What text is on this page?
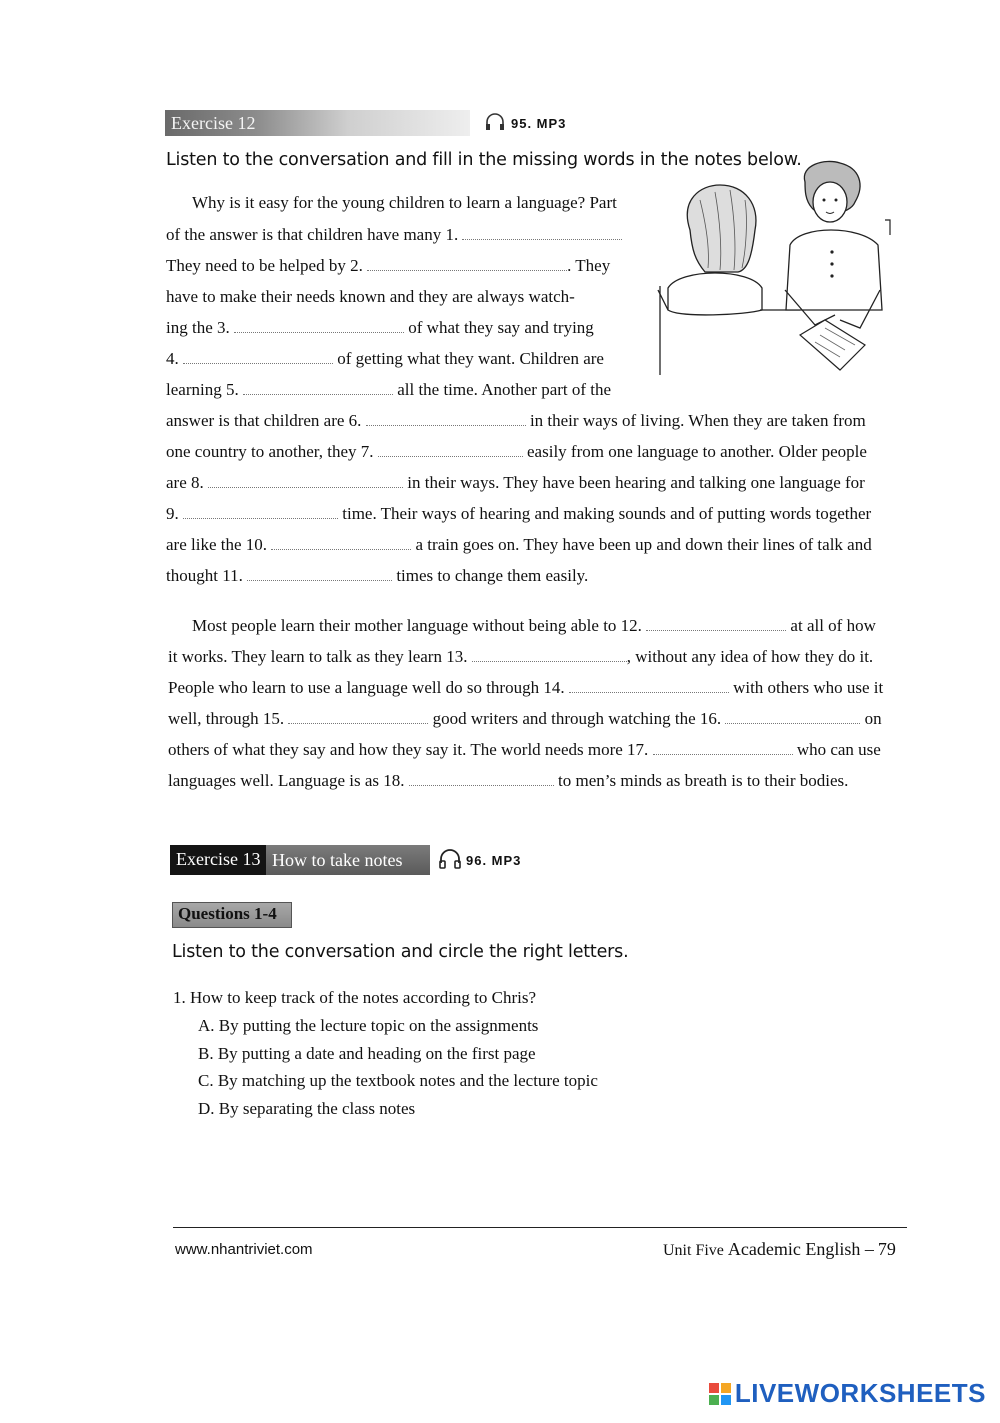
Exercise 12	95. MP3
Listen to the conversation and fill in the missing words in the notes below.
Why is it easy for the young children to learn a language? Part
of the answer is that children have many 1.
They need to be helped by 2.	. They
have to make their needs known and they are always watch-
ing the 3.	of what they say and trying
4.	of getting what they want. Children are
learning 5.	all the time. Another part of the
answer is that children are 6.	in their ways of living. When they are taken from
one country to another, they 7.	easily from one language to another. Older people
are 8.	in their ways. They have been hearing and talking one language for
9.	time. Their ways of hearing and making sounds and of putting words together
are like the 10.	a train goes on. They have been up and down their lines of talk and
thought 11.	times to change them easily.
Most people learn their mother language without being able to 12.	at all of how
it works. They learn to talk as they learn 13.	, without any idea of how they do it.
People who learn to use a language well do so through 14.	with others who use it
well, through 15.	good writers and through watching the 16.	on
others of what they say and how they say it. The world needs more 17.	who can use
languages well. Language is as 18.	to men’s minds as breath is to their bodies.
Exercise 13 How to take notes	96. MP3
Questions 1-4
Listen to the conversation and circle the right letters.
1. How to keep track of the notes according to Chris?
A. By putting the lecture topic on the assignments
B. By putting a date and heading on the first page
C. By matching up the textbook notes and the lecture topic
D. By separating the class notes
www.nhantriviet.com	Unit Five Academic English – 79
LIVEWORKSHEETS
